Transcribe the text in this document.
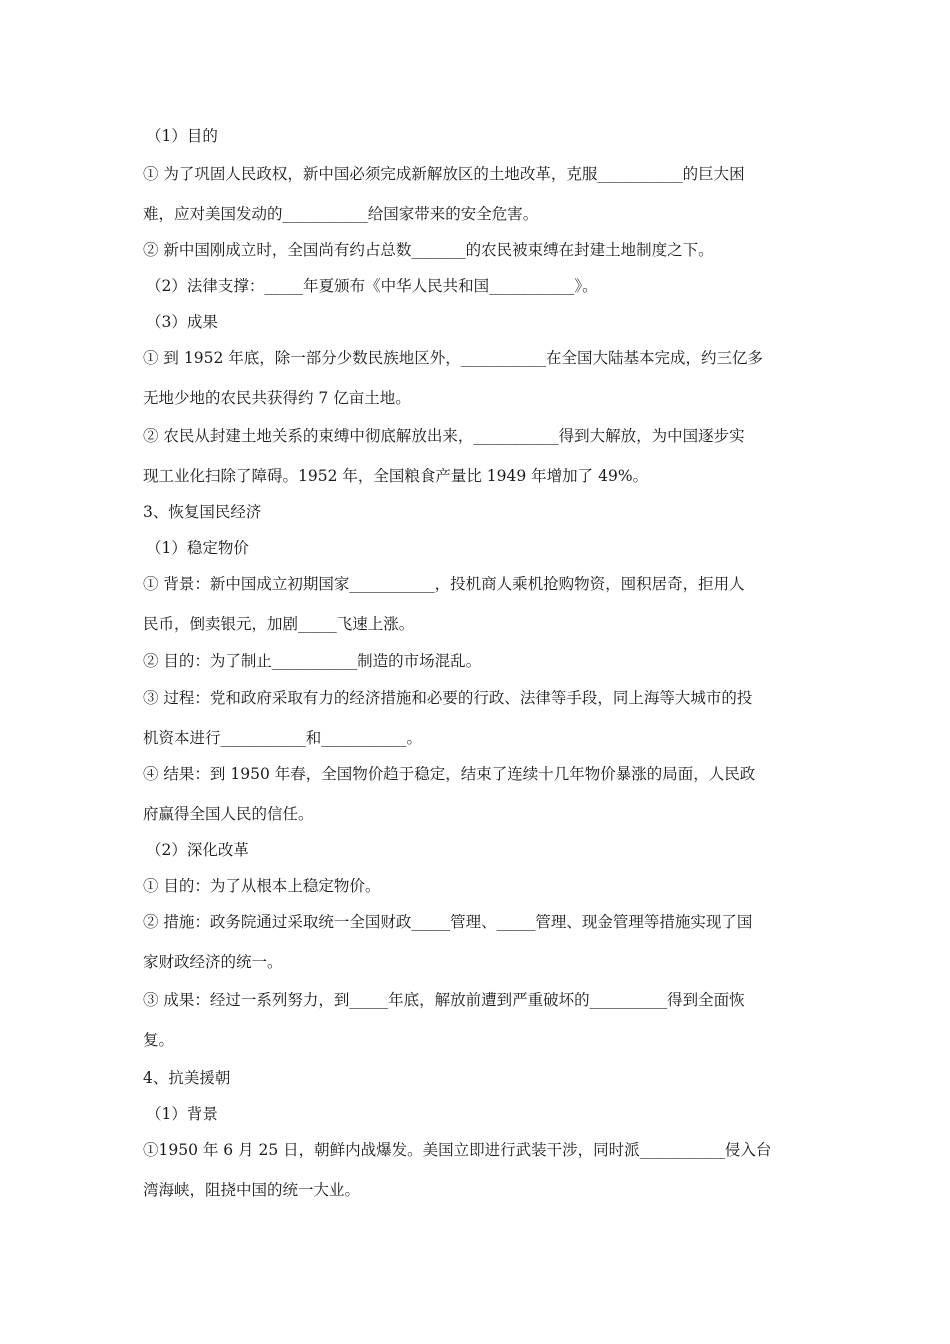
（1）目的
① 为了巩固人民政权，新中国必须完成新解放区的土地改革，克服___________的巨大困
难，应对美国发动的___________给国家带来的安全危害。
② 新中国刚成立时，全国尚有约占总数_______的农民被束缚在封建土地制度之下。
（2）法律支撑：_____年夏颁布《中华人民共和国___________》。
（3）成果
① 到 1952 年底，除一部分少数民族地区外，___________在全国大陆基本完成，约三亿多
无地少地的农民共获得约 7 亿亩土地。
② 农民从封建土地关系的束缚中彻底解放出来，___________得到大解放，为中国逐步实
现工业化扫除了障碍。1952 年，全国粮食产量比 1949 年增加了 49%。
3、恢复国民经济
（1）稳定物价
① 背景：新中国成立初期国家___________，投机商人乘机抢购物资，囤积居奇，拒用人
民币，倒卖银元，加剧_____飞速上涨。
② 目的：为了制止___________制造的市场混乱。
③ 过程：党和政府采取有力的经济措施和必要的行政、法律等手段，同上海等大城市的投
机资本进行___________和___________。
④ 结果：到 1950 年春，全国物价趋于稳定，结束了连续十几年物价暴涨的局面，人民政
府赢得全国人民的信任。
（2）深化改革
① 目的：为了从根本上稳定物价。
② 措施：政务院通过采取统一全国财政_____管理、_____管理、现金管理等措施实现了国
家财政经济的统一。
③ 成果：经过一系列努力，到_____年底，解放前遭到严重破坏的__________得到全面恢
复。
4、抗美援朝
（1）背景
①1950 年 6 月 25 日，朝鲜内战爆发。美国立即进行武装干涉，同时派___________侵入台
湾海峡，阻挠中国的统一大业。
